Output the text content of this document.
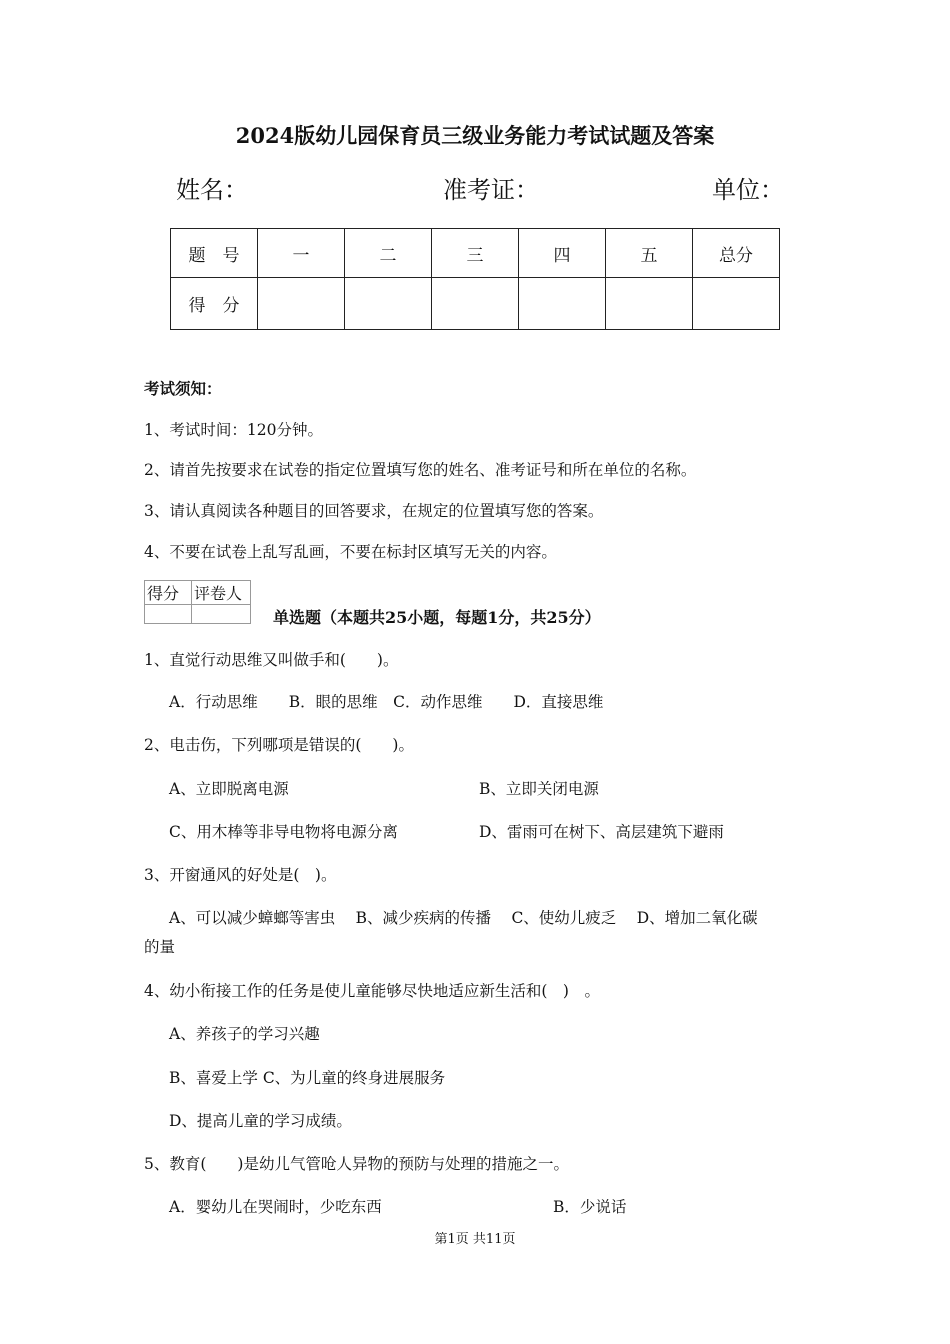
2024版幼儿园保育员三级业务能力考试试题及答案
姓名：	准考证：	单位：
题　号	一	二	三	四	五	总分
得　分						
考试须知：
1、考试时间：120分钟。
2、请首先按要求在试卷的指定位置填写您的姓名、准考证号和所在单位的名称。
3、请认真阅读各种题目的回答要求，在规定的位置填写您的答案。
4、不要在试卷上乱写乱画，不要在标封区填写无关的内容。
得分	评卷人

单选题（本题共25小题，每题1分，共25分）
1、直觉行动思维又叫做手和(　　)。
A．行动思维　　B．眼的思维　C．动作思维　　D．直接思维
2、电击伤，下列哪项是错误的(　　)。
A、立即脱离电源	B、立即关闭电源
C、用木棒等非导电物将电源分离	D、雷雨可在树下、高层建筑下避雨
3、开窗通风的好处是(　)。
A、可以减少蟑螂等害虫　 B、减少疾病的传播　 C、使幼儿疲乏　 D、增加二氧化碳
的量
4、幼小衔接工作的任务是使儿童能够尽快地适应新生活和(　)　。
A、养孩子的学习兴趣
B、喜爱上学 C、为儿童的终身进展服务
D、提高儿童的学习成绩。
5、教育(　　)是幼儿气管呛人异物的预防与处理的措施之一。
A．婴幼儿在哭闹时，少吃东西	B．少说话
第1页 共11页
